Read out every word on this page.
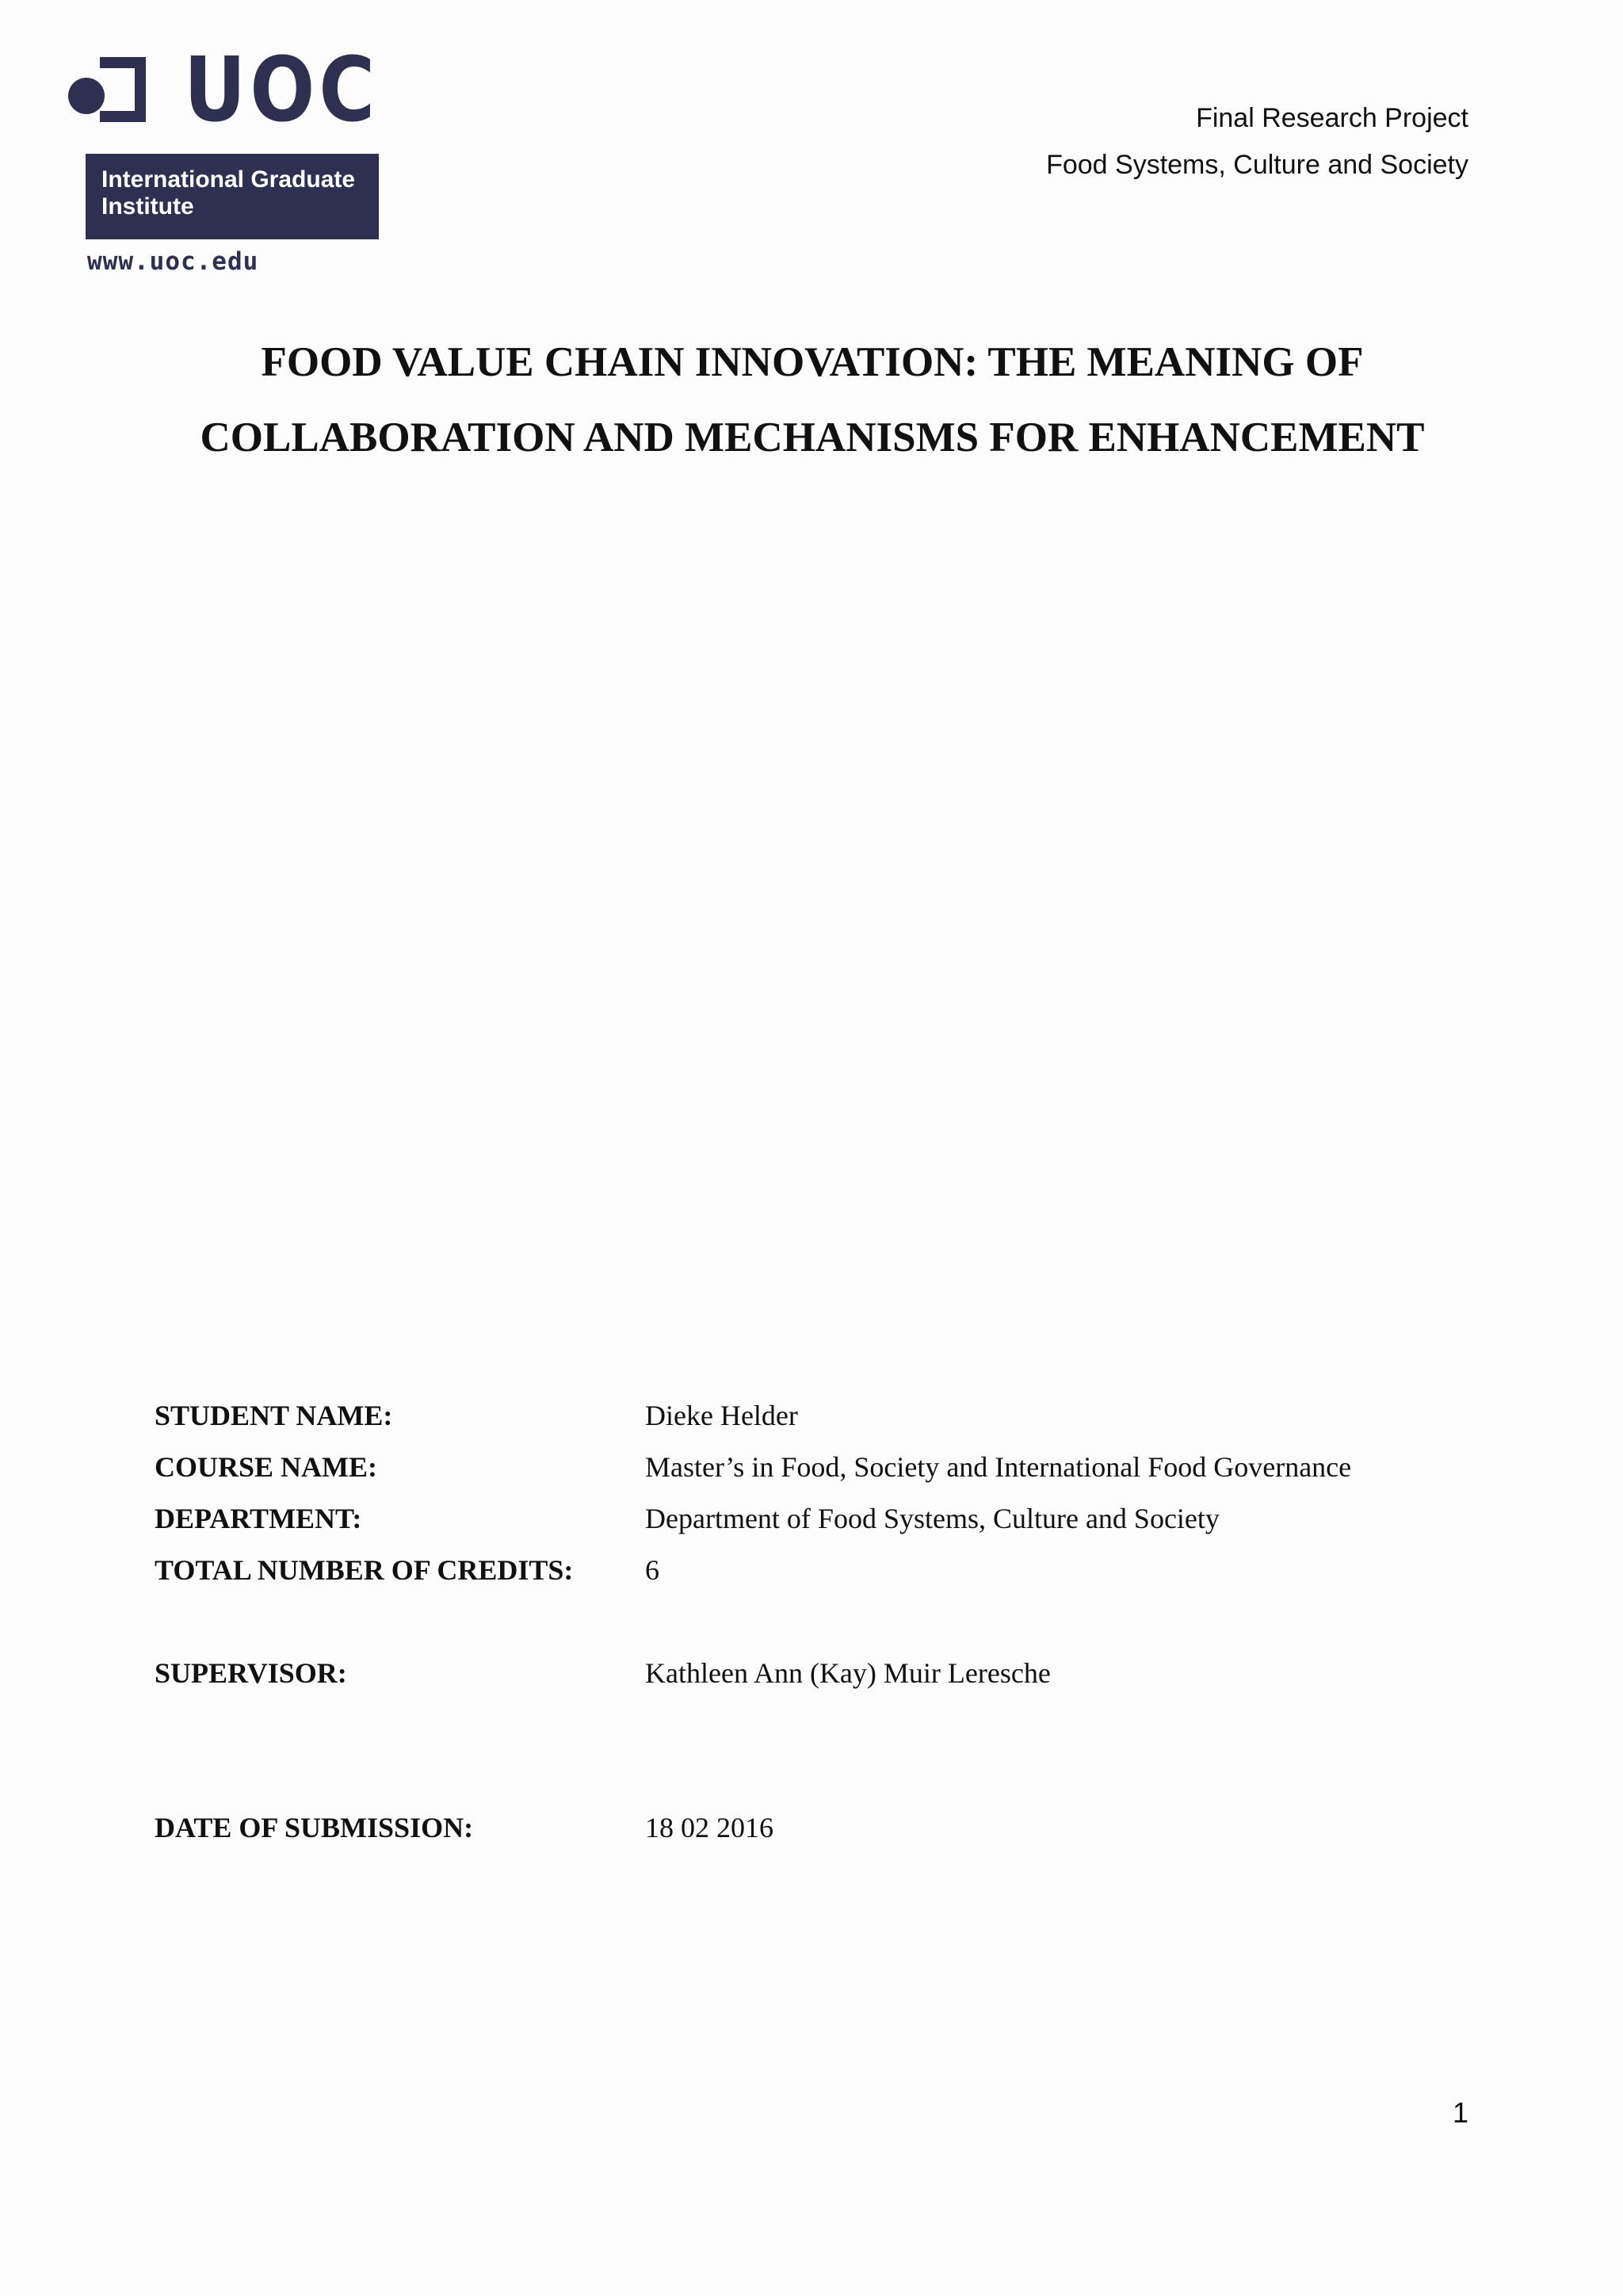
UOC
International Graduate
Institute
www.uoc.edu
Final Research Project
Food Systems, Culture and Society
FOOD VALUE CHAIN INNOVATION: THE MEANING OF
COLLABORATION AND MECHANISMS FOR ENHANCEMENT
STUDENT NAME:	Dieke Helder
COURSE NAME:	Master’s in Food, Society and International Food Governance
DEPARTMENT:	Department of Food Systems, Culture and Society
TOTAL NUMBER OF CREDITS:	6
SUPERVISOR:	Kathleen Ann (Kay) Muir Leresche
DATE OF SUBMISSION:	18 02 2016
1
